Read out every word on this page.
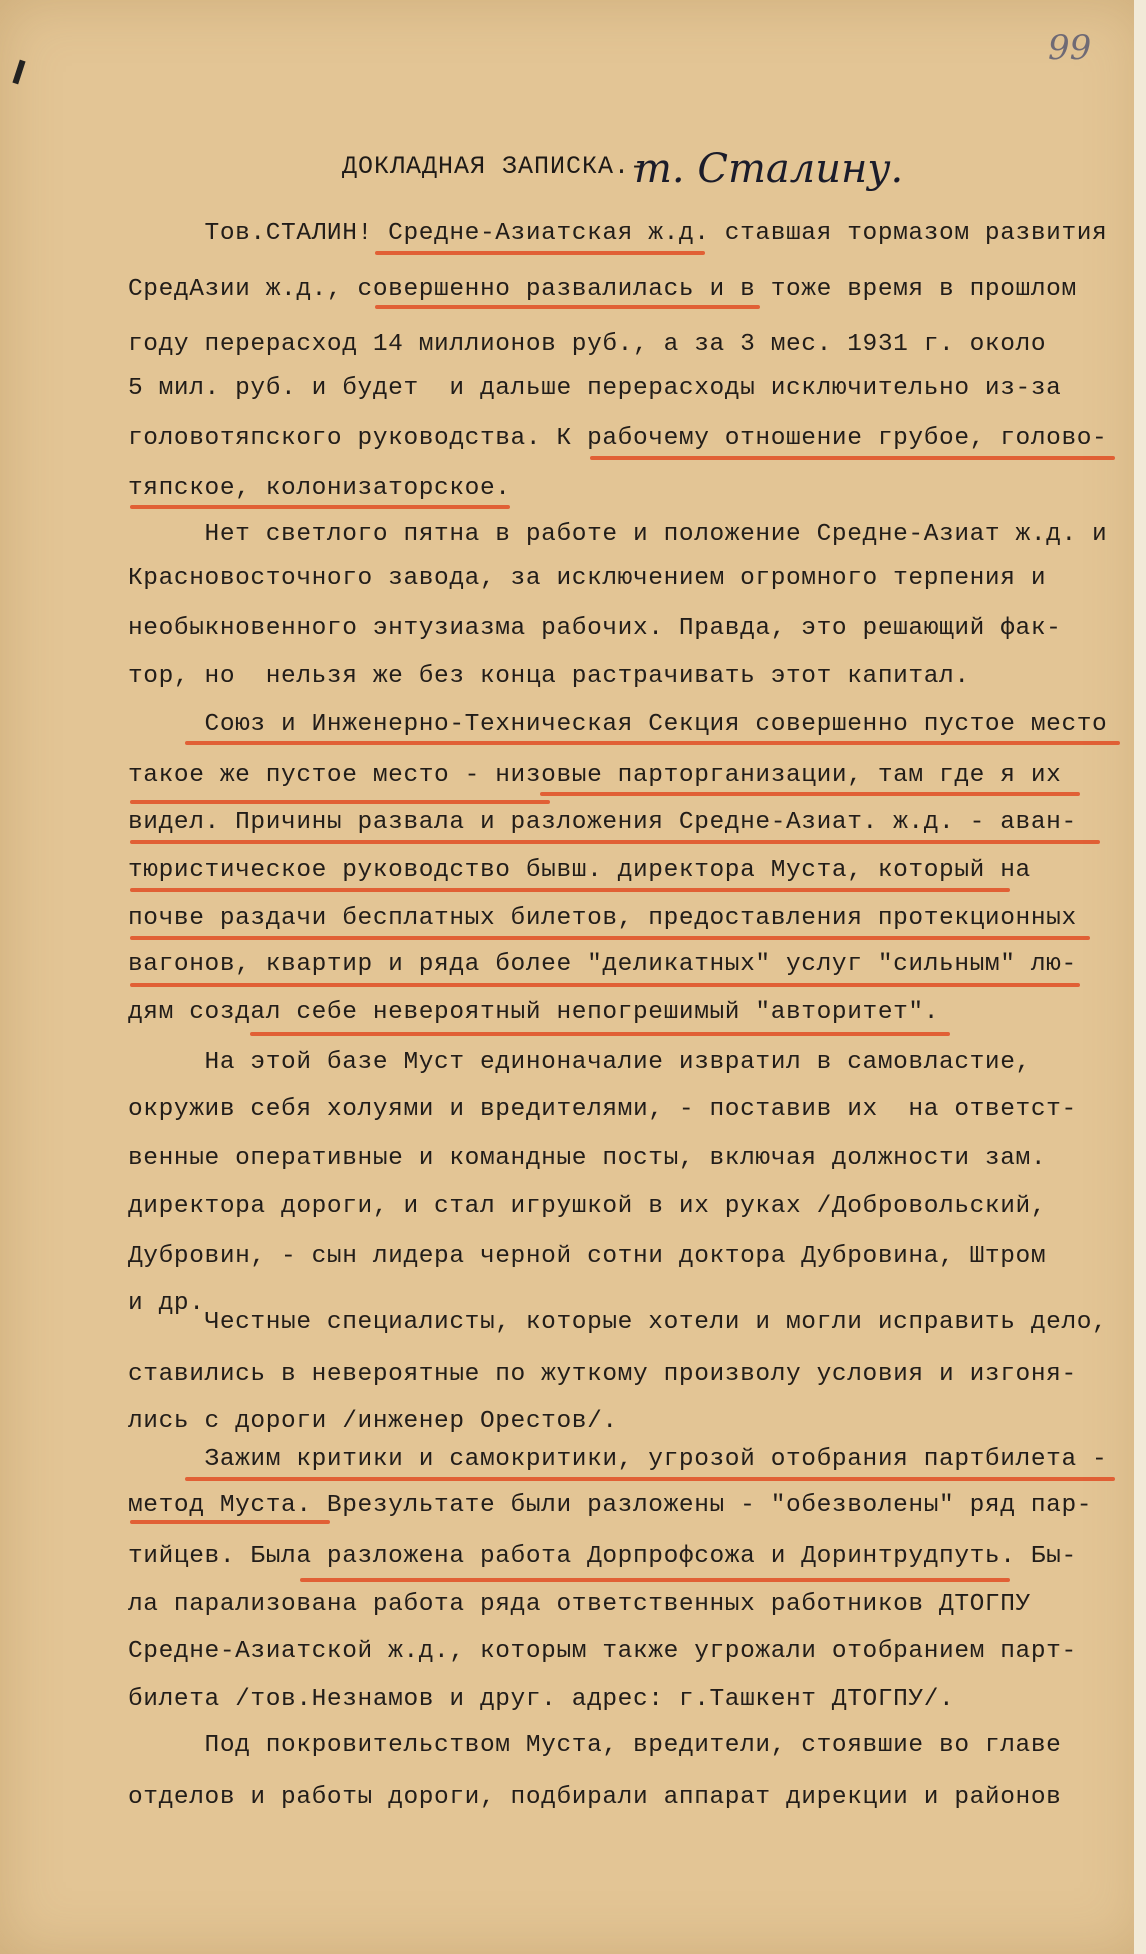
99
ДОКЛАДНАЯ ЗАПИСКА.-
т. Сталину.
Тов.СТАЛИН! Средне-Азиатская ж.д. ставшая тормазом развития
СредАзии ж.д., совершенно развалилась и в тоже время в прошлом
году перерасход 14 миллионов руб., а за 3 мес. 1931 г. около
5 мил. руб. и будет  и дальше перерасходы исключительно из-за
головотяпского руководства. К рабочему отношение грубое, голово-
тяпское, колонизаторское.
Нет светлого пятна в работе и положение Средне-Азиат ж.д. и
Красновосточного завода, за исключением огромного терпения и
необыкновенного энтузиазма рабочих. Правда, это решающий фак-
тор, но  нельзя же без конца растрачивать этот капитал.
Союз и Инженерно-Техническая Секция совершенно пустое место
такое же пустое место - низовые парторганизации, там где я их
видел. Причины развала и разложения Средне-Азиат. ж.д. - аван-
тюристическое руководство бывш. директора Муста, который на
почве раздачи бесплатных билетов, предоставления протекционных
вагонов, квартир и ряда более "деликатных" услуг "сильным" лю-
дям создал себе невероятный непогрешимый "авторитет".
На этой базе Муст единоначалие извратил в самовластие,
окружив себя холуями и вредителями, - поставив их  на ответст-
венные оперативные и командные посты, включая должности зам.
директора дороги, и стал игрушкой в их руках /Добровольский,
Дубровин, - сын лидера черной сотни доктора Дубровина, Штром
и др.
Честные специалисты, которые хотели и могли исправить дело,
ставились в невероятные по жуткому произволу условия и изгоня-
лись с дороги /инженер Орестов/.
Зажим критики и самокритики, угрозой отобрания партбилета -
метод Муста. Врезультате были разложены - "обезволены" ряд пар-
тийцев. Была разложена работа Дорпрофсожа и Доринтрудпуть. Бы-
ла парализована работа ряда ответственных работников ДТОГПУ
Средне-Азиатской ж.д., которым также угрожали отобранием парт-
билета /тов.Незнамов и друг. адрес: г.Ташкент ДТОГПУ/.
Под покровительством Муста, вредители, стоявшие во главе
отделов и работы дороги, подбирали аппарат дирекции и районов
